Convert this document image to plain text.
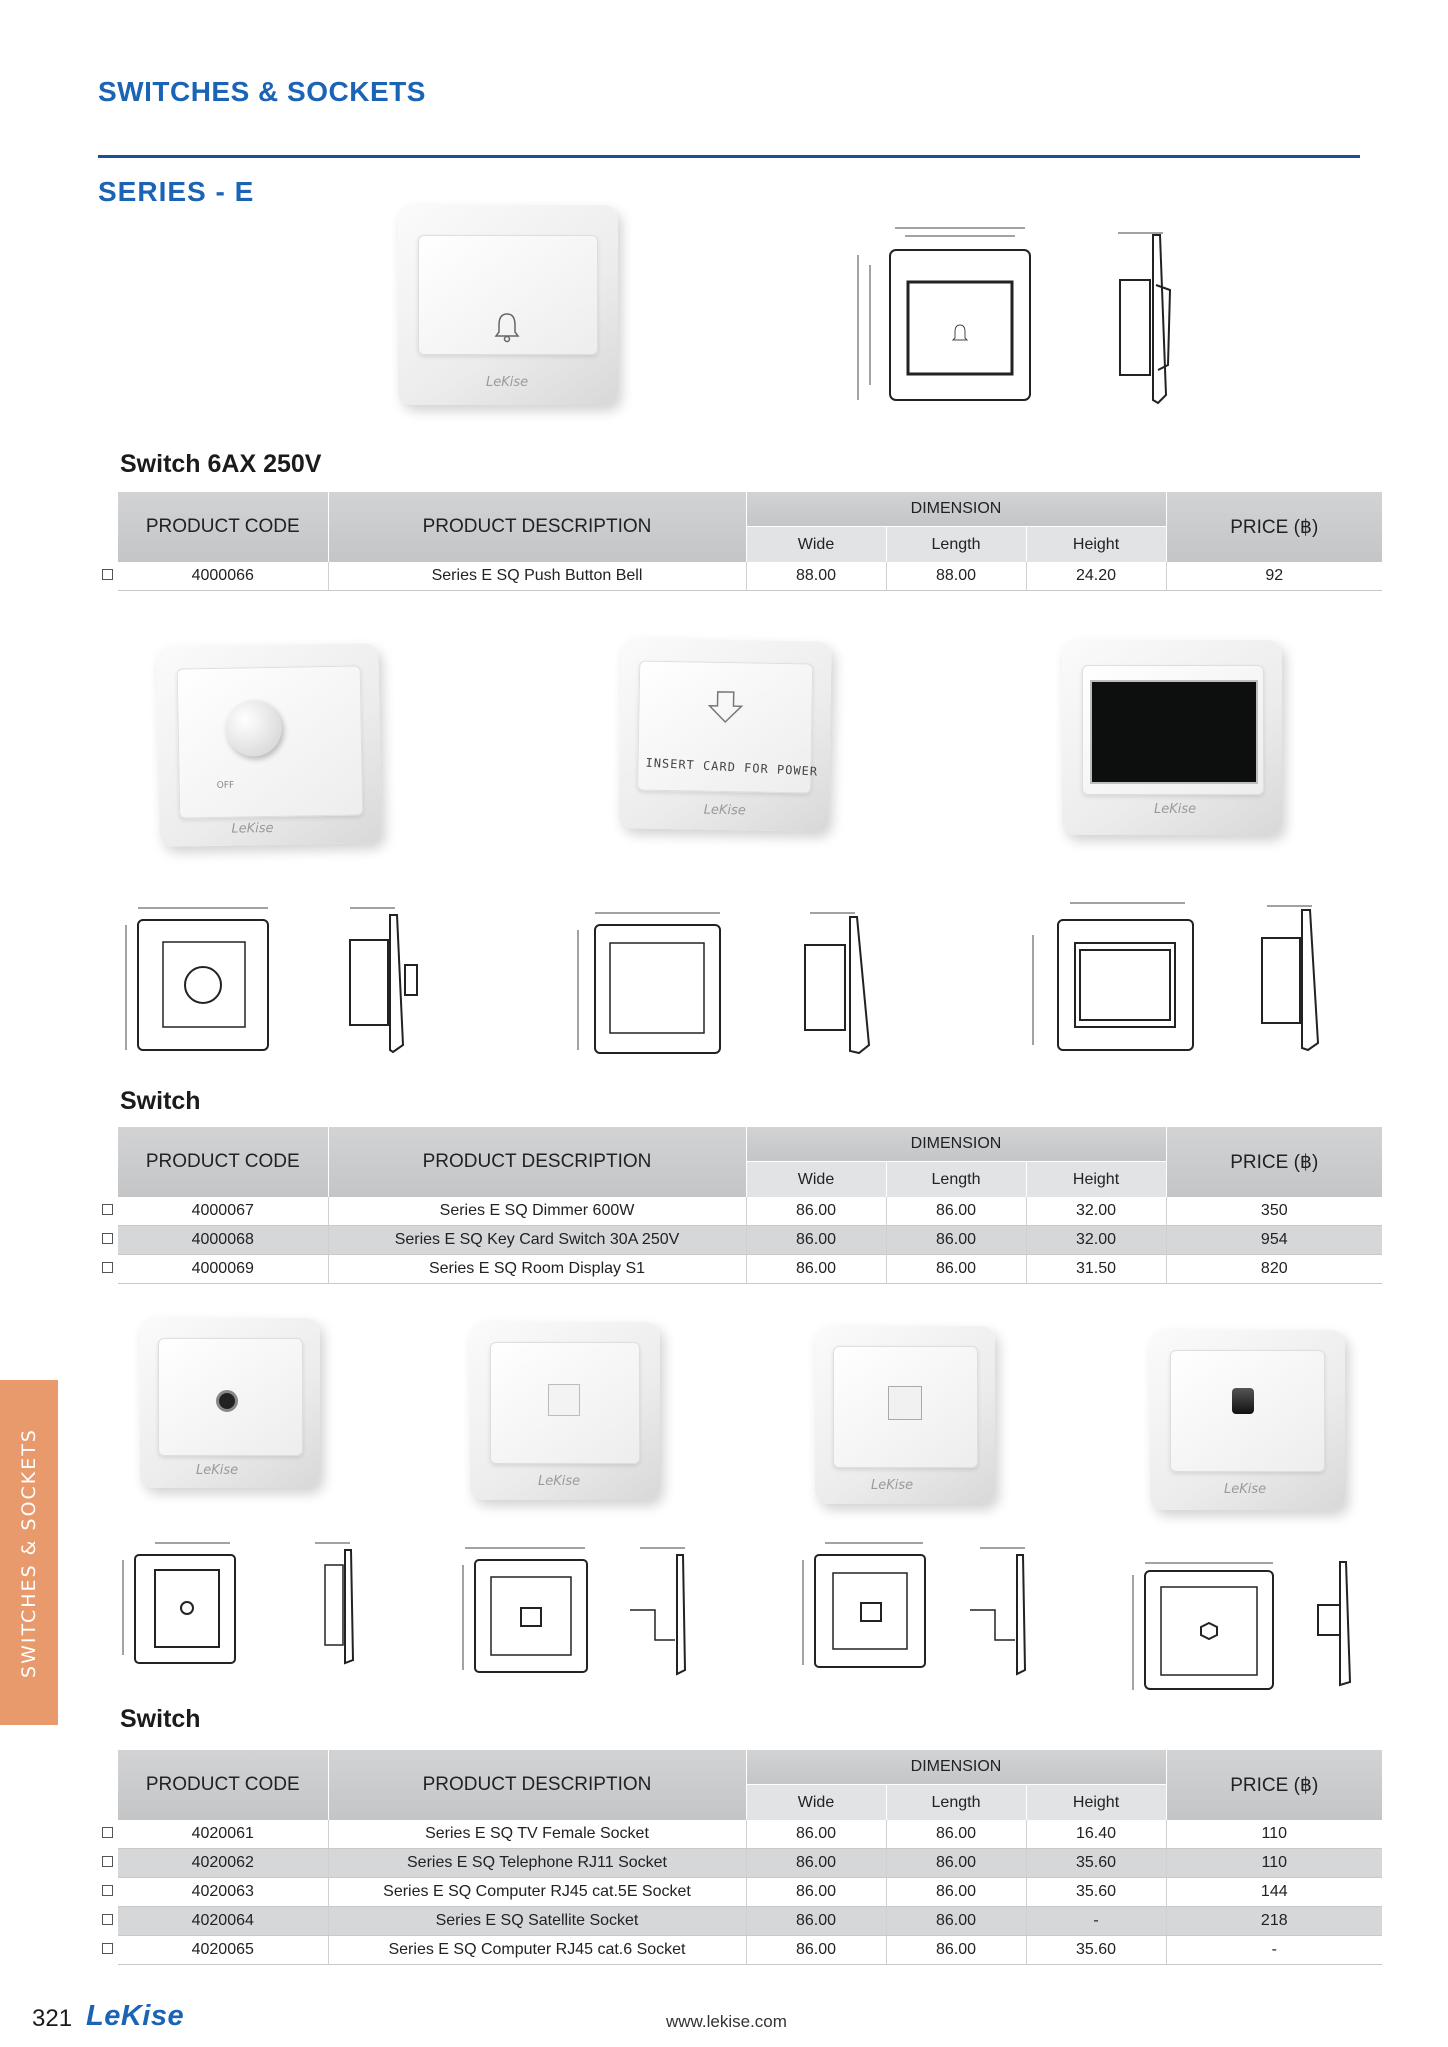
SWITCHES & SOCKETS
SERIES - E
LeKise
Switch 6AX 250V
	PRODUCT CODE	PRODUCT DESCRIPTION	DIMENSION			PRICE (฿)
			Wide	Length	Height	
	4000066	Series E SQ Push Button Bell	88.00	88.00	24.20	92
OFF
LeKise
INSERT CARD FOR POWER
LeKise	LeKise
Switch
	PRODUCT CODE	PRODUCT DESCRIPTION	DIMENSION			PRICE (฿)
			Wide	Length	Height	
	4000067	Series E SQ Dimmer 600W	86.00	86.00	32.00	350
	4000068	Series E SQ Key Card Switch 30A 250V	86.00	86.00	32.00	954
	4000069	Series E SQ Room Display S1	86.00	86.00	31.50	820
LeKise
LeKise	LeKise	LeKise
Switch
	PRODUCT CODE	PRODUCT DESCRIPTION	DIMENSION			PRICE (฿)
			Wide	Length	Height	
	4020061	Series E SQ TV Female Socket	86.00	86.00	16.40	110
	4020062	Series E SQ Telephone RJ11 Socket	86.00	86.00	35.60	110
	4020063	Series E SQ Computer RJ45 cat.5E Socket	86.00	86.00	35.60	144
	4020064	Series E SQ Satellite Socket	86.00	86.00	-	218
	4020065	Series E SQ Computer RJ45 cat.6 Socket	86.00	86.00	35.60	-
SWITCHES & SOCKETS
321 LeKise	www.lekise.com
